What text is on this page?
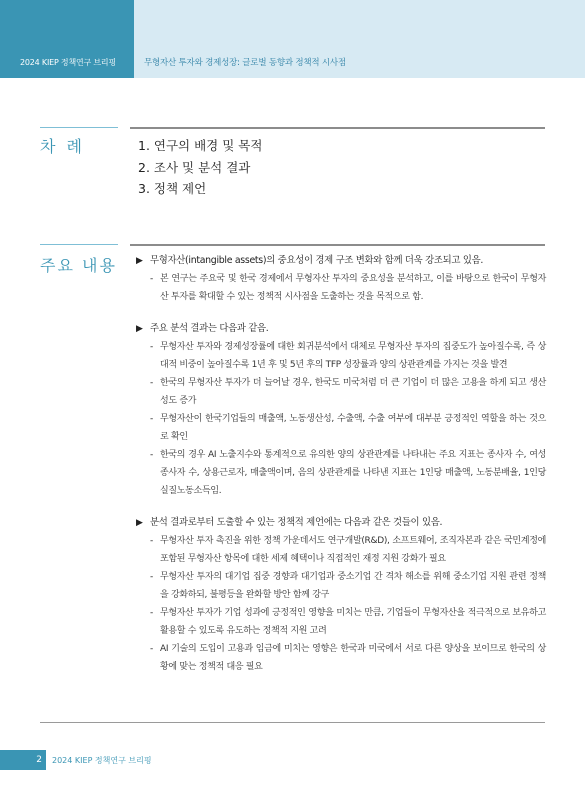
2024 KIEP 정책연구 브리핑	무형자산 투자와 경제성장: 글로벌 동향과 정책적 시사점
차 례	1. 연구의 배경 및 목적
2. 조사 및 분석 결과
3. 정책 제언
주요 내용 ▶ 무형자산(intangible assets)의 중요성이 경제 구조 변화와 함께 더욱 강조되고 있음.
- 본 연구는 주요국 및 한국 경제에서 무형자산 투자의 중요성을 분석하고, 이를 바탕으로 한국이 무형자산 투자를 확대할 수 있는 정책적 시사점을 도출하는 것을 목적으로 함.
▶ 주요 분석 결과는 다음과 같음.
- 무형자산 투자와 경제성장률에 대한 회귀분석에서 대체로 무형자산 투자의 집중도가 높아질수록, 즉 상대적 비중이 높아질수록 1년 후 및 5년 후의 TFP 성장률과 양의 상관관계를 가지는 것을 발견
- 한국의 무형자산 투자가 더 늘어날 경우, 한국도 미국처럼 더 큰 기업이 더 많은 고용을 하게 되고 생산성도 증가
- 무형자산이 한국기업들의 매출액, 노동생산성, 수출액, 수출 여부에 대부분 긍정적인 역할을 하는 것으로 확인
- 한국의 경우 AI 노출지수와 통계적으로 유의한 양의 상관관계를 나타내는 주요 지표는 종사자 수, 여성 종사자 수, 상용근로자, 매출액이며, 음의 상관관계를 나타낸 지표는 1인당 매출액, 노동분배율, 1인당 실질노동소득임.
▶ 분석 결과로부터 도출할 수 있는 정책적 제언에는 다음과 같은 것들이 있음.
- 무형자산 투자 촉진을 위한 정책 가운데서도 연구개발(R&D), 소프트웨어, 조직자본과 같은 국민계정에 포함된 무형자산 항목에 대한 세제 혜택이나 직접적인 재정 지원 강화가 필요
- 무형자산 투자의 대기업 집중 경향과 대기업과 중소기업 간 격차 해소를 위해 중소기업 지원 관련 정책을 강화하되, 불평등을 완화할 방안 함께 강구
- 무형자산 투자가 기업 성과에 긍정적인 영향을 미치는 만큼, 기업들이 무형자산을 적극적으로 보유하고 활용할 수 있도록 유도하는 정책적 지원 고려
- AI 기술의 도입이 고용과 임금에 미치는 영향은 한국과 미국에서 서로 다른 양상을 보이므로 한국의 상황에 맞는 정책적 대응 필요
2	2024 KIEP 정책연구 브리핑
